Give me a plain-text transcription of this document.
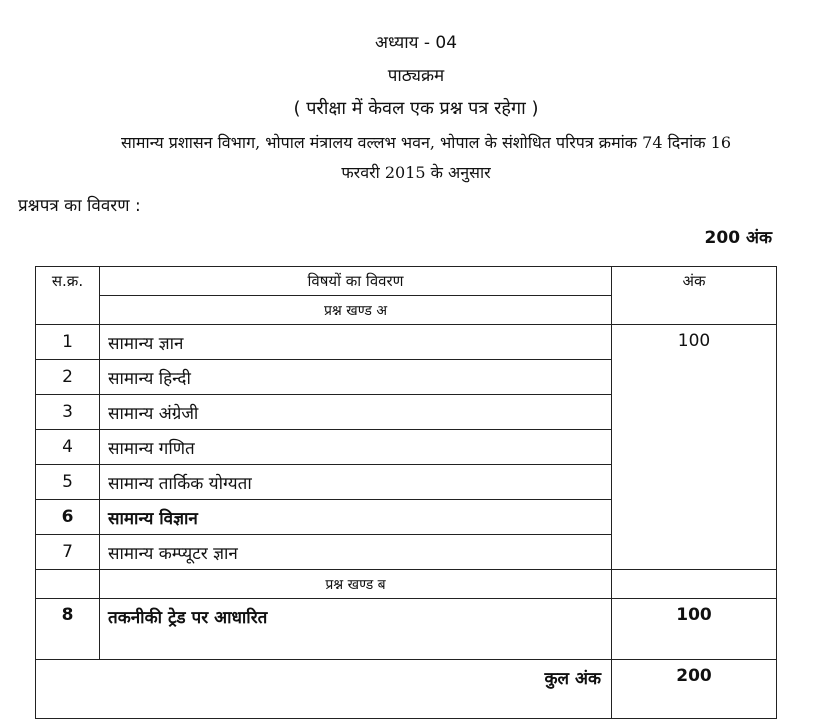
अध्याय - 04
पाठ्यक्रम
( परीक्षा में केवल एक प्रश्न पत्र रहेगा )
सामान्य प्रशासन विभाग, भोपाल मंत्रालय वल्लभ भवन, भोपाल के संशोधित परिपत्र क्रमांक 74 दिनांक 16
फरवरी 2015 के अनुसार
प्रश्नपत्र का विवरण :
200 अंक
स.क्र.	विषयों का विवरण	अंक
	प्रश्न खण्ड अ	
1	सामान्य ज्ञान	100
2	सामान्य हिन्दी	
3	सामान्य अंग्रेजी	
4	सामान्य गणित	
5	सामान्य तार्किक योग्यता	
6	सामान्य विज्ञान	
7	सामान्य कम्प्यूटर ज्ञान	
	प्रश्न खण्ड ब	
8	तकनीकी ट्रेड पर आधारित	100
कुल अंक		200
